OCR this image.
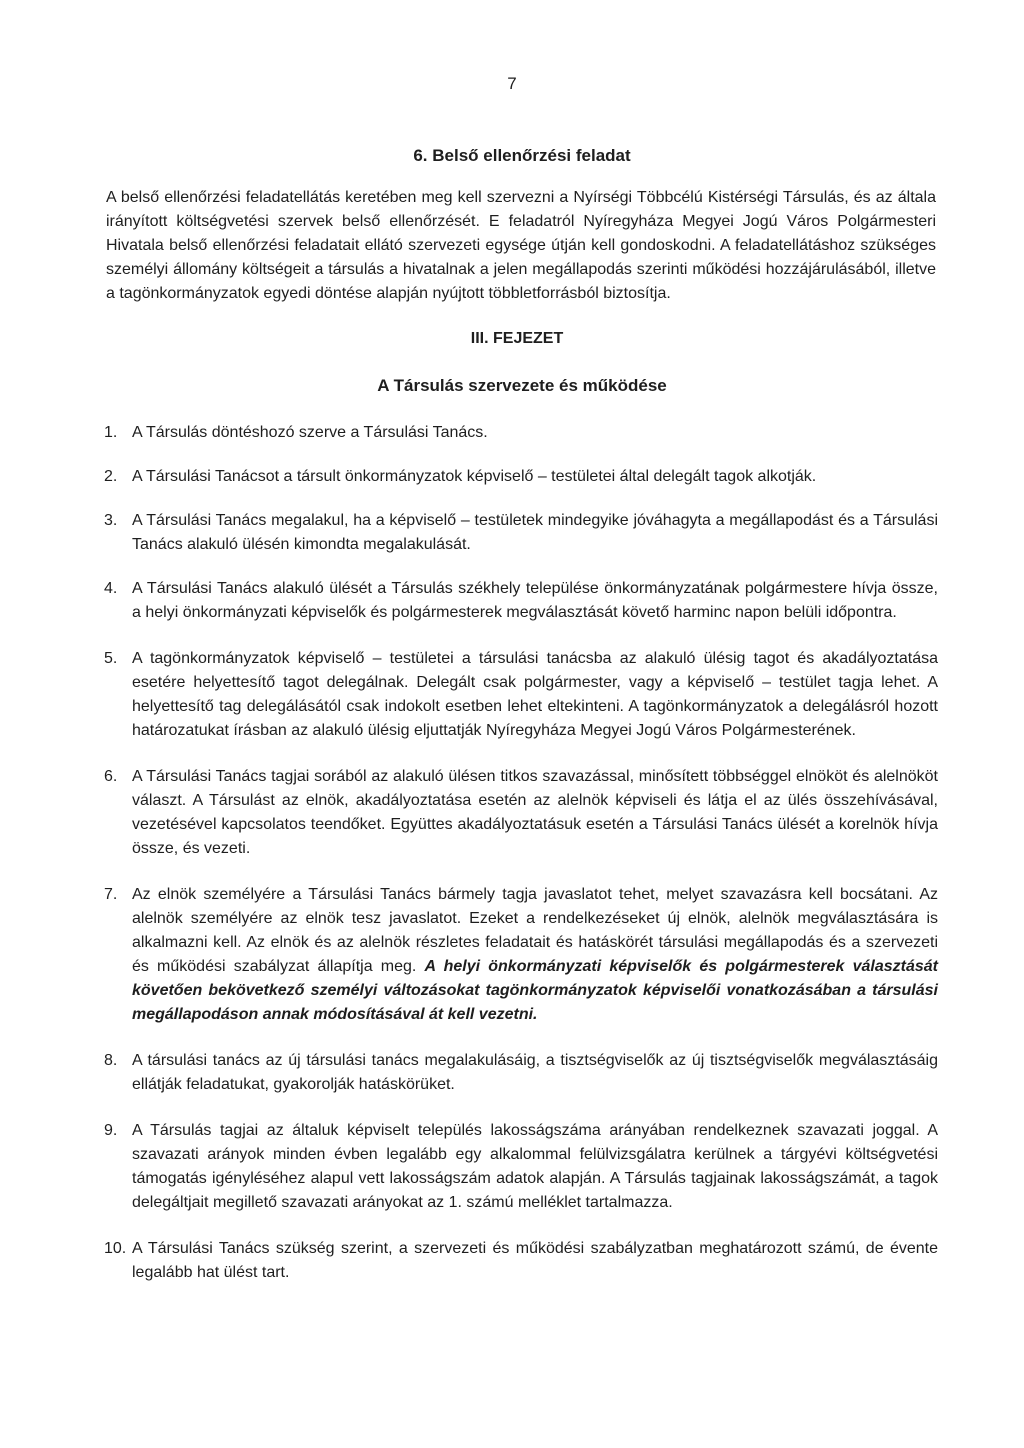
7
6. Belső ellenőrzési feladat

A belső ellenőrzési feladatellátás keretében meg kell szervezni a Nyírségi Többcélú Kistérségi Társulás, és az általa irányított költségvetési szervek belső ellenőrzését. E feladatról Nyíregyháza Megyei Jogú Város Polgármesteri Hivatala belső ellenőrzési feladatait ellátó szervezeti egysége útján kell gondoskodni. A feladatellátáshoz szükséges személyi állomány költségeit a társulás a hivatalnak a jelen megállapodás szerinti működési hozzájárulásából, illetve a tagönkormányzatok egyedi döntése alapján nyújtott többletforrásból biztosítja.

III. FEJEZET
A Társulás szervezete és működése
1. A Társulás döntéshozó szerve a Társulási Tanács.
2. A Társulási Tanácsot a társult önkormányzatok képviselő – testületei által delegált tagok alkotják.
3. A Társulási Tanács megalakul, ha a képviselő – testületek mindegyike jóváhagyta a megállapodást és a Társulási Tanács alakuló ülésén kimondta megalakulását.
4. A Társulási Tanács alakuló ülését a Társulás székhely települése önkormányzatának polgármestere hívja össze, a helyi önkormányzati képviselők és polgármesterek megválasztását követő harminc napon belüli időpontra.
5. A tagönkormányzatok képviselő – testületei a társulási tanácsba az alakuló ülésig tagot és akadályoztatása esetére helyettesítő tagot delegálnak. Delegált csak polgármester, vagy a képviselő – testület tagja lehet. A helyettesítő tag delegálásától csak indokolt esetben lehet eltekinteni. A tagönkormányzatok a delegálásról hozott határozatukat írásban az alakuló ülésig eljuttatják Nyíregyháza Megyei Jogú Város Polgármesterének.
6. A Társulási Tanács tagjai sorából az alakuló ülésen titkos szavazással, minősített többséggel elnököt és alelnököt választ. A Társulást az elnök, akadályoztatása esetén az alelnök képviseli és látja el az ülés összehívásával, vezetésével kapcsolatos teendőket. Együttes akadályoztatásuk esetén a Társulási Tanács ülését a korelnök hívja össze, és vezeti.
7. Az elnök személyére a Társulási Tanács bármely tagja javaslatot tehet, melyet szavazásra kell bocsátani. Az alelnök személyére az elnök tesz javaslatot. Ezeket a rendelkezéseket új elnök, alelnök megválasztására is alkalmazni kell. Az elnök és az alelnök részletes feladatait és hatáskörét társulási megállapodás és a szervezeti és működési szabályzat állapítja meg. A helyi önkormányzati képviselők és polgármesterek választását követően bekövetkező személyi változásokat tagönkormányzatok képviselői vonatkozásában a társulási megállapodáson annak módosításával át kell vezetni.
8. A társulási tanács az új társulási tanács megalakulásáig, a tisztségviselők az új tisztségviselők megválasztásáig ellátják feladatukat, gyakorolják hatáskörüket.
9. A Társulás tagjai az általuk képviselt település lakosságszáma arányában rendelkeznek szavazati joggal. A szavazati arányok minden évben legalább egy alkalommal felülvizsgálatra kerülnek a tárgyévi költségvetési támogatás igényléséhez alapul vett lakosságszám adatok alapján. A Társulás tagjainak lakosságszámát, a tagok delegáltjait megillető szavazati arányokat az 1. számú melléklet tartalmazza.
10. A Társulási Tanács szükség szerint, a szervezeti és működési szabályzatban meghatározott számú, de évente legalább hat ülést tart.
